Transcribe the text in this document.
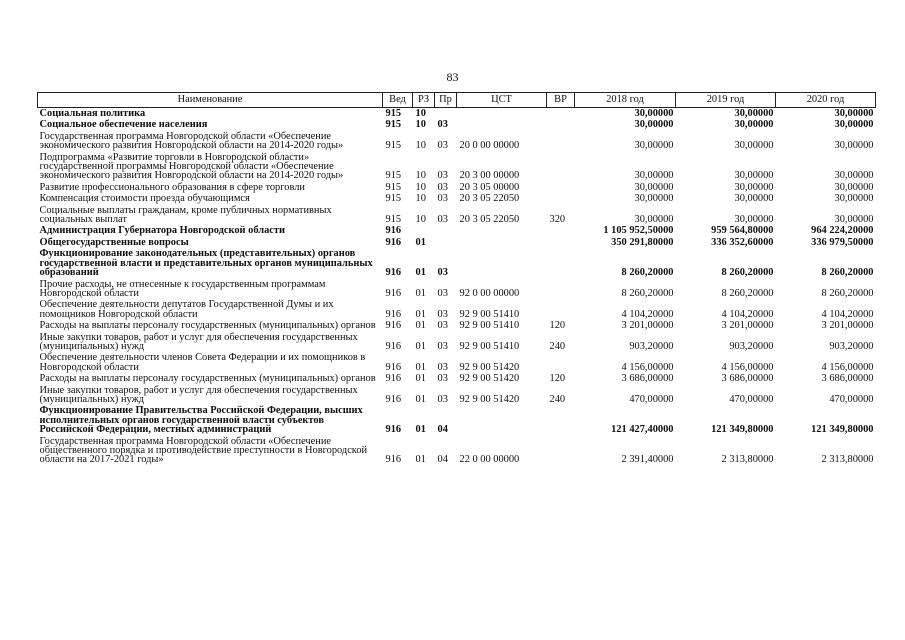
83
Наименование	Вед	РЗ	Пр	ЦСТ	ВР	2018 год	2019 год	2020 год
Социальная политика	915	10				30,00000	30,00000	30,00000
Социальное обеспечение населения	915	10	03			30,00000	30,00000	30,00000
Государственная программа Новгородской области «Обеспечение экономического развития Новгородской области на 2014-2020 годы»	915	10	03	20 0 00 00000		30,00000	30,00000	30,00000
Подпрограмма «Развитие торговли в Новгородской области» государственной программы Новгородской области «Обеспечение экономического развития Новгородской области на 2014-2020 годы»	915	10	03	20 3 00 00000		30,00000	30,00000	30,00000
Развитие профессионального образования в сфере торговли	915	10	03	20 3 05 00000		30,00000	30,00000	30,00000
Компенсация стоимости проезда обучающимся	915	10	03	20 3 05 22050		30,00000	30,00000	30,00000
Социальные выплаты гражданам, кроме публичных нормативных социальных выплат	915	10	03	20 3 05 22050	320	30,00000	30,00000	30,00000
Администрация Губернатора Новгородской области	916					1 105 952,50000	959 564,80000	964 224,20000
Общегосударственные вопросы	916	01				350 291,80000	336 352,60000	336 979,50000
Функционирование законодательных (представительных) органов государственной власти и представительных органов муниципальных образований	916	01	03			8 260,20000	8 260,20000	8 260,20000
Прочие расходы, не отнесенные к государственным программам Новгородской области	916	01	03	92 0 00 00000		8 260,20000	8 260,20000	8 260,20000
Обеспечение деятельности депутатов Государственной Думы и их помощников Новгородской области	916	01	03	92 9 00 51410		4 104,20000	4 104,20000	4 104,20000
Расходы на выплаты персоналу государственных (муниципальных) органов	916	01	03	92 9 00 51410	120	3 201,00000	3 201,00000	3 201,00000
Иные закупки товаров, работ и услуг для обеспечения государственных (муниципальных) нужд	916	01	03	92 9 00 51410	240	903,20000	903,20000	903,20000
Обеспечение деятельности членов Совета Федерации и их помощников в Новгородской области	916	01	03	92 9 00 51420		4 156,00000	4 156,00000	4 156,00000
Расходы на выплаты персоналу государственных (муниципальных) органов	916	01	03	92 9 00 51420	120	3 686,00000	3 686,00000	3 686,00000
Иные закупки товаров, работ и услуг для обеспечения государственных (муниципальных) нужд	916	01	03	92 9 00 51420	240	470,00000	470,00000	470,00000
Функционирование Правительства Российской Федерации, высших исполнительных органов государственной власти субъектов Российской Федерации, местных администраций	916	01	04			121 427,40000	121 349,80000	121 349,80000
Государственная программа Новгородской области «Обеспечение общественного порядка и противодействие преступности в Новгородской области на 2017-2021 годы»	916	01	04	22 0 00 00000		2 391,40000	2 313,80000	2 313,80000
